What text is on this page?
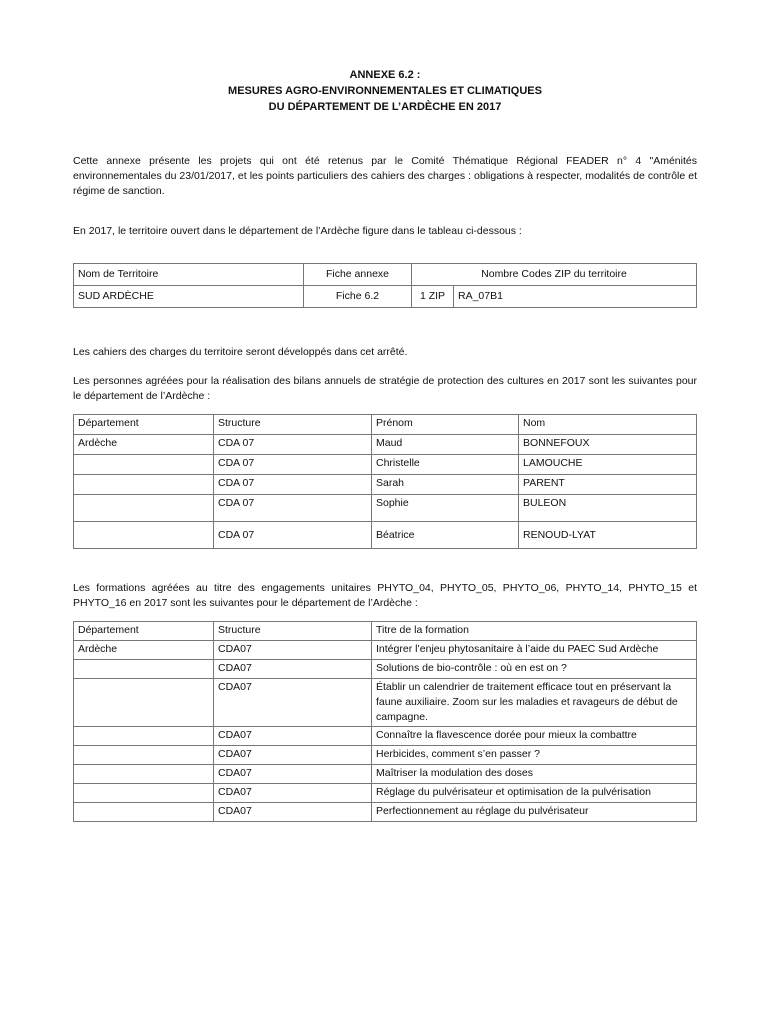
ANNEXE 6.2 :
MESURES AGRO-ENVIRONNEMENTALES ET CLIMATIQUES
DU DÉPARTEMENT DE L’ARDÈCHE EN 2017

Cette annexe présente les projets qui ont été retenus par le Comité Thématique Régional FEADER n° 4 "Aménités environnementales du 23/01/2017, et les points particuliers des cahiers des charges : obligations à respecter, modalités de contrôle et régime de sanction.

En 2017, le territoire ouvert dans le département de l’Ardèche figure dans le tableau ci-dessous :

Nom de Territoire	Fiche annexe	Nombre Codes ZIP du territoire	
SUD ARDÈCHE	Fiche 6.2	1 ZIP	RA_07B1

Les cahiers des charges du territoire seront développés dans cet arrêté.

Les personnes agréées pour la réalisation des bilans annuels de stratégie de protection des cultures en 2017 sont les suivantes pour le département de l’Ardèche :

Département	Structure	Prénom	Nom
Ardèche	CDA 07	Maud	BONNEFOUX
	CDA 07	Christelle	LAMOUCHE
	CDA 07	Sarah	PARENT
	CDA 07	Sophie	BULEON
	CDA 07	Béatrice	RENOUD-LYAT

Les formations agréées au titre des engagements unitaires PHYTO_04, PHYTO_05, PHYTO_06, PHYTO_14, PHYTO_15 et PHYTO_16 en 2017 sont les suivantes pour le département de l’Ardèche :

Département	Structure	Titre de la formation
Ardèche	CDA07	Intégrer l’enjeu phytosanitaire à l’aide du PAEC Sud Ardèche
	CDA07	Solutions de bio-contrôle : où en est on ?
	CDA07	Établir un calendrier de traitement efficace tout en préservant la faune auxiliaire. Zoom sur les maladies et ravageurs de début de campagne.
	CDA07	Connaître la flavescence dorée pour mieux la combattre
	CDA07	Herbicides, comment s’en passer ?
	CDA07	Maîtriser la modulation des doses
	CDA07	Réglage du pulvérisateur et optimisation de la pulvérisation
	CDA07	Perfectionnement au réglage du pulvérisateur
